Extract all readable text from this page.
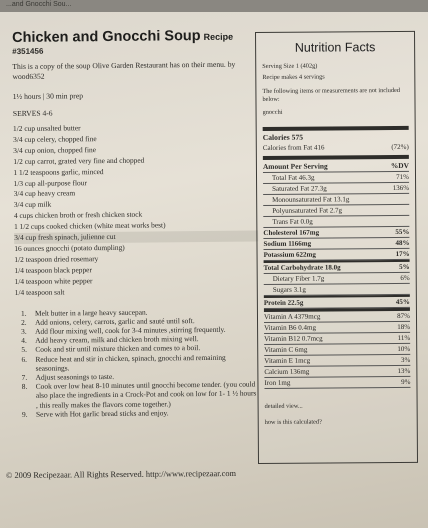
...and Gnocchi Sou...
Chicken and Gnocchi Soup Recipe
#351456
This is a copy of the soup Olive Garden Restaurant has on their menu. by wood6352
1½ hours | 30 min prep
SERVES 4-6
1/2 cup unsalted butter
3/4 cup celery, chopped fine
3/4 cup onion, chopped fine
1/2 cup carrot, grated very fine and chopped
1 1/2 teaspoons garlic, minced
1/3 cup all-purpose flour
3/4 cup heavy cream
3/4 cup milk
4 cups chicken broth or fresh chicken stock
1 1/2 cups cooked chicken (white meat works best)
3/4 cup fresh spinach, julienne cut
16 ounces gnocchi (potato dumpling)
1/2 teaspoon dried rosemary
1/4 teaspoon black pepper
1/4 teaspoon white pepper
1/4 teaspoon salt
1.	Melt butter in a large heavy saucepan.
2.	Add onions, celery, carrots, garlic and sauté until soft.
3.	Add flour mixing well, cook for 3-4 minutes ,stirring frequently.
4.	Add heavy cream, milk and chicken broth mixing well.
5.	Cook and stir until mixture thicken and comes to a boil.
6.	Reduce heat and stir in chicken, spinach, gnocchi and remaining seasonings.
7.	Adjust seasonings to taste.
8.	Cook over low heat 8-10 minutes until gnocchi become tender. (you could also place the ingredients in a Crock-Pot and cook on low for 1- 1 ½ hours , this really makes the flavors come together.)
9.	Serve with Hot garlic bread sticks and enjoy.
© 2009 Recipezaar. All Rights Reserved. http://www.recipezaar.com
Nutrition Facts
Serving Size 1 (402g)
Recipe makes 4 servings
The following items or measurements are not included below:
gnocchi
Calories 575
Calories from Fat 416	(72%)
Amount Per Serving	%DV
Total Fat 46.3g	71%
Saturated Fat 27.3g	136%
Monounsaturated Fat 13.1g
Polyunsaturated Fat 2.7g
Trans Fat 0.0g
Cholesterol 167mg	55%
Sodium 1166mg	48%
Potassium 622mg	17%
Total Carbohydrate 18.0g	5%
Dietary Fiber 1.7g	6%
Sugars 3.1g
Protein 22.5g	45%
Vitamin A 4379mcg	87%
Vitamin B6 0.4mg	18%
Vitamin B12 0.7mcg	11%
Vitamin C 6mg	10%
Vitamin E 1mcg	3%
Calcium 136mg	13%
Iron 1mg	9%
detailed view...
how is this calculated?
